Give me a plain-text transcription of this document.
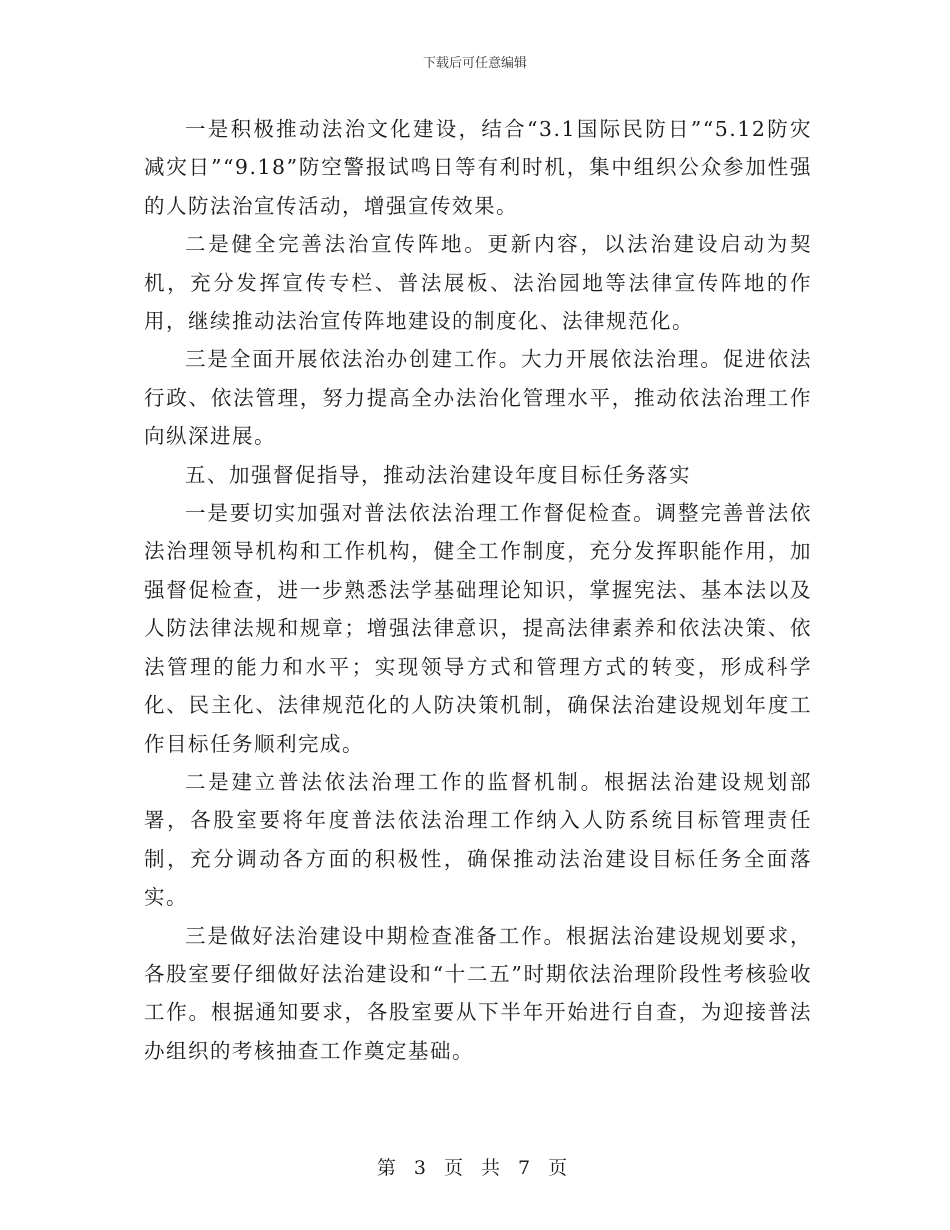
下载后可任意编辑

一是积极推动法治文化建设，结合“3.1国际民防日”“5.12防灾减灾日”“9.18”防空警报试鸣日等有利时机，集中组织公众参加性强的人防法治宣传活动，增强宣传效果。

二是健全完善法治宣传阵地。更新内容，以法治建设启动为契机，充分发挥宣传专栏、普法展板、法治园地等法律宣传阵地的作用，继续推动法治宣传阵地建设的制度化、法律规范化。

三是全面开展依法治办创建工作。大力开展依法治理。促进依法行政、依法管理，努力提高全办法治化管理水平，推动依法治理工作向纵深进展。

五、加强督促指导，推动法治建设年度目标任务落实

一是要切实加强对普法依法治理工作督促检查。调整完善普法依法治理领导机构和工作机构，健全工作制度，充分发挥职能作用，加强督促检查，进一步熟悉法学基础理论知识，掌握宪法、基本法以及人防法律法规和规章；增强法律意识，提高法律素养和依法决策、依法管理的能力和水平；实现领导方式和管理方式的转变，形成科学化、民主化、法律规范化的人防决策机制，确保法治建设规划年度工作目标任务顺利完成。

二是建立普法依法治理工作的监督机制。根据法治建设规划部署，各股室要将年度普法依法治理工作纳入人防系统目标管理责任制，充分调动各方面的积极性，确保推动法治建设目标任务全面落实。

三是做好法治建设中期检查准备工作。根据法治建设规划要求，各股室要仔细做好法治建设和“十二五”时期依法治理阶段性考核验收工作。根据通知要求，各股室要从下半年开始进行自查，为迎接普法办组织的考核抽查工作奠定基础。

第 3 页 共 7 页
